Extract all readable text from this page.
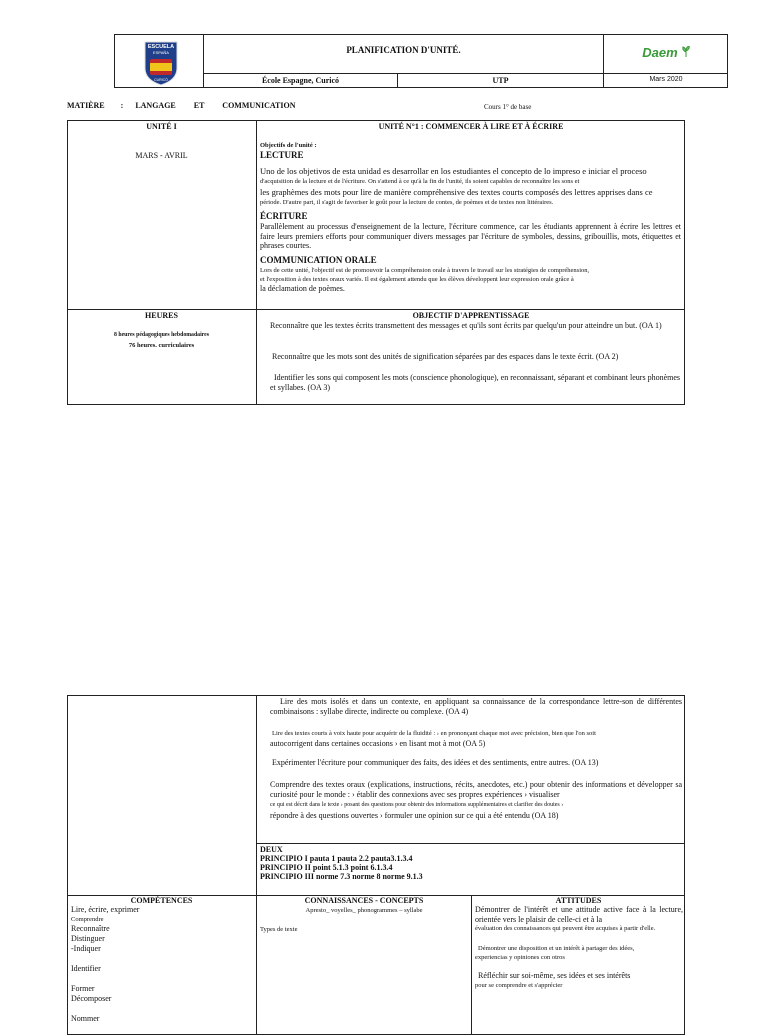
ESCUELA
ESPAÑA
CURICÓ
PLANIFICATION D'UNITÉ.
École Espagne, Curicó	UTP
Daem
Mars 2020
MATIÈRE : LANGAGE ET COMMUNICATION	Cours 1° de base
UNITÉ I
MARS - AVRIL
UNITÉ N°1 : COMMENCER À LIRE ET À ÉCRIRE

Objectifs de l'unité :

LECTURE

Uno de los objetivos de esta unidad es desarrollar en los estudiantes el concepto de lo impreso e iniciar el proceso

d'acquisition de la lecture et de l'écriture. On s'attend à ce qu'à la fin de l'unité, ils soient capables de reconnaître les sons et

les graphèmes des mots pour lire de manière compréhensive des textes courts composés des lettres apprises dans ce

période. D'autre part, il s'agit de favoriser le goût pour la lecture de contes, de poèmes et de textes non littéraires.

ÉCRITURE

Parallèlement au processus d'enseignement de la lecture, l'écriture commence, car les étudiants apprennent à écrire les lettres et faire leurs premiers efforts pour communiquer divers messages par l'écriture de symboles, dessins, gribouillis, mots, étiquettes et phrases courtes.

COMMUNICATION ORALE

Lors de cette unité, l'objectif est de promouvoir la compréhension orale à travers le travail sur les stratégies de compréhension,

et l'exposition à des textes oraux variés. Il est également attendu que les élèves développent leur expression orale grâce à

la déclamation de poèmes.

HEURES
8 heures pédagogiques hebdomadaires
76 heures. curriculaires
OBJECTIF D'APPRENTISSAGE
Reconnaître que les textes écrits transmettent des messages et qu'ils sont écrits par quelqu'un pour atteindre un but. (OA 1)
Reconnaître que les mots sont des unités de signification séparées par des espaces dans le texte écrit. (OA 2)
Identifier les sons qui composent les mots (conscience phonologique), en reconnaissant, séparant et combinant leurs phonèmes et syllabes. (OA 3)
Lire des mots isolés et dans un contexte, en appliquant sa connaissance de la correspondance lettre-son de différentes combinaisons : syllabe directe, indirecte ou complexe. (OA 4)
Lire des textes courts à voix haute pour acquérir de la fluidité : › en prononçant chaque mot avec précision, bien que l'on soit
autocorrigent dans certaines occasions › en lisant mot à mot (OA 5)
Expérimenter l'écriture pour communiquer des faits, des idées et des sentiments, entre autres. (OA 13)
Comprendre des textes oraux (explications, instructions, récits, anecdotes, etc.) pour obtenir des informations et développer sa curiosité pour le monde : › établir des connexions avec ses propres expériences › visualiser
ce qui est décrit dans le texte › posant des questions pour obtenir des informations supplémentaires et clarifier des doutes ›
répondre à des questions ouvertes › formuler une opinion sur ce qui a été entendu (OA 18)

DEUX

PRINCIPIO I pauta 1 pauta 2.2 pauta3.1.3.4

PRINCIPIO II point 5.1.3 point 6.1.3.4

PRINCIPIO III norme 7.3 norme 8 norme 9.1.3

COMPÉTENCES

Lire, écrire, exprimer

Comprendre

Reconnaître

Distinguer

-Indiquer

Identifier

Former

Décomposer

Nommer

CONNAISSANCES - CONCEPTS
Apresto_ voyelles_ phonogrammes – syllabe
Types de texte
ATTITUDES

Démontrer de l'intérêt et une attitude active face à la lecture, orientée vers le plaisir de celle-ci et à la

évaluation des connaissances qui peuvent être acquises à partir d'elle.

Démontrer une disposition et un intérêt à partager des idées,

experiencias y opiniones con otros

Réfléchir sur soi-même, ses idées et ses intérêts

pour se comprendre et s'apprécier
